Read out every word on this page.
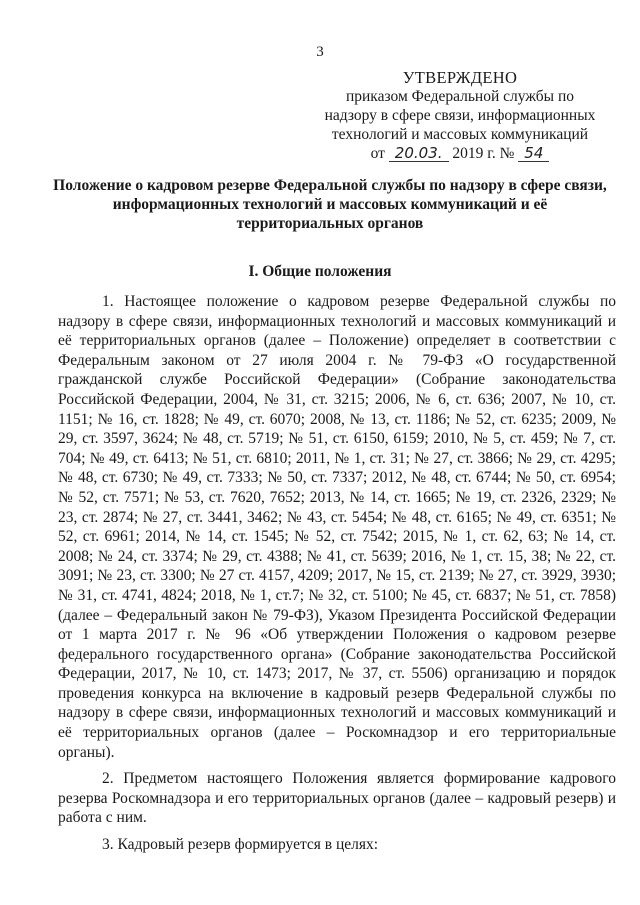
3
УТВЕРЖДЕНО
приказом Федеральной службы по
надзору в сфере связи, информационных
технологий и массовых коммуникаций
от 20.03. 2019 г. № 54
Положение о кадровом резерве Федеральной службы по надзору в сфере связи, информационных технологий и массовых коммуникаций и её территориальных органов
I. Общие положения

1. Настоящее положение о кадровом резерве Федеральной службы по надзору в сфере связи, информационных технологий и массовых коммуникаций и её территориальных органов (далее – Положение) определяет в соответствии с Федеральным законом от 27 июля 2004 г. № 79-ФЗ «О государственной гражданской службе Российской Федерации» (Собрание законодательства Российской Федерации, 2004, № 31, ст. 3215; 2006, № 6, ст. 636; 2007, № 10, ст. 1151; № 16, ст. 1828; № 49, ст. 6070; 2008, № 13, ст. 1186; № 52, ст. 6235; 2009, № 29, ст. 3597, 3624; № 48, ст. 5719; № 51, ст. 6150, 6159; 2010, № 5, ст. 459; № 7, ст. 704; № 49, ст. 6413; № 51, ст. 6810; 2011, № 1, ст. 31; № 27, ст. 3866; № 29, ст. 4295; № 48, ст. 6730; № 49, ст. 7333; № 50, ст. 7337; 2012, № 48, ст. 6744; № 50, ст. 6954; № 52, ст. 7571; № 53, ст. 7620, 7652; 2013, № 14, ст. 1665; № 19, ст. 2326, 2329; № 23, ст. 2874; № 27, ст. 3441, 3462; № 43, ст. 5454; № 48, ст. 6165; № 49, ст. 6351; № 52, ст. 6961; 2014, № 14, ст. 1545; № 52, ст. 7542; 2015, № 1, ст. 62, 63; № 14, ст. 2008; № 24, ст. 3374; № 29, ст. 4388; № 41, ст. 5639; 2016, № 1, ст. 15, 38; № 22, ст. 3091; № 23, ст. 3300; № 27 ст. 4157, 4209; 2017, № 15, ст. 2139; № 27, ст. 3929, 3930; № 31, ст. 4741, 4824; 2018, № 1, ст.7; № 32, ст. 5100; № 45, ст. 6837; № 51, ст. 7858) (далее – Федеральный закон № 79-ФЗ), Указом Президента Российской Федерации от 1 марта 2017 г. № 96 «Об утверждении Положения о кадровом резерве федерального государственного органа» (Собрание законодательства Российской Федерации, 2017, № 10, ст. 1473; 2017, № 37, ст. 5506) организацию и порядок проведения конкурса на включение в кадровый резерв Федеральной службы по надзору в сфере связи, информационных технологий и массовых коммуникаций и её территориальных органов (далее – Роскомнадзор и его территориальные органы).

2. Предметом настоящего Положения является формирование кадрового резерва Роскомнадзора и его территориальных органов (далее – кадровый резерв) и работа с ним.

3. Кадровый резерв формируется в целях:
